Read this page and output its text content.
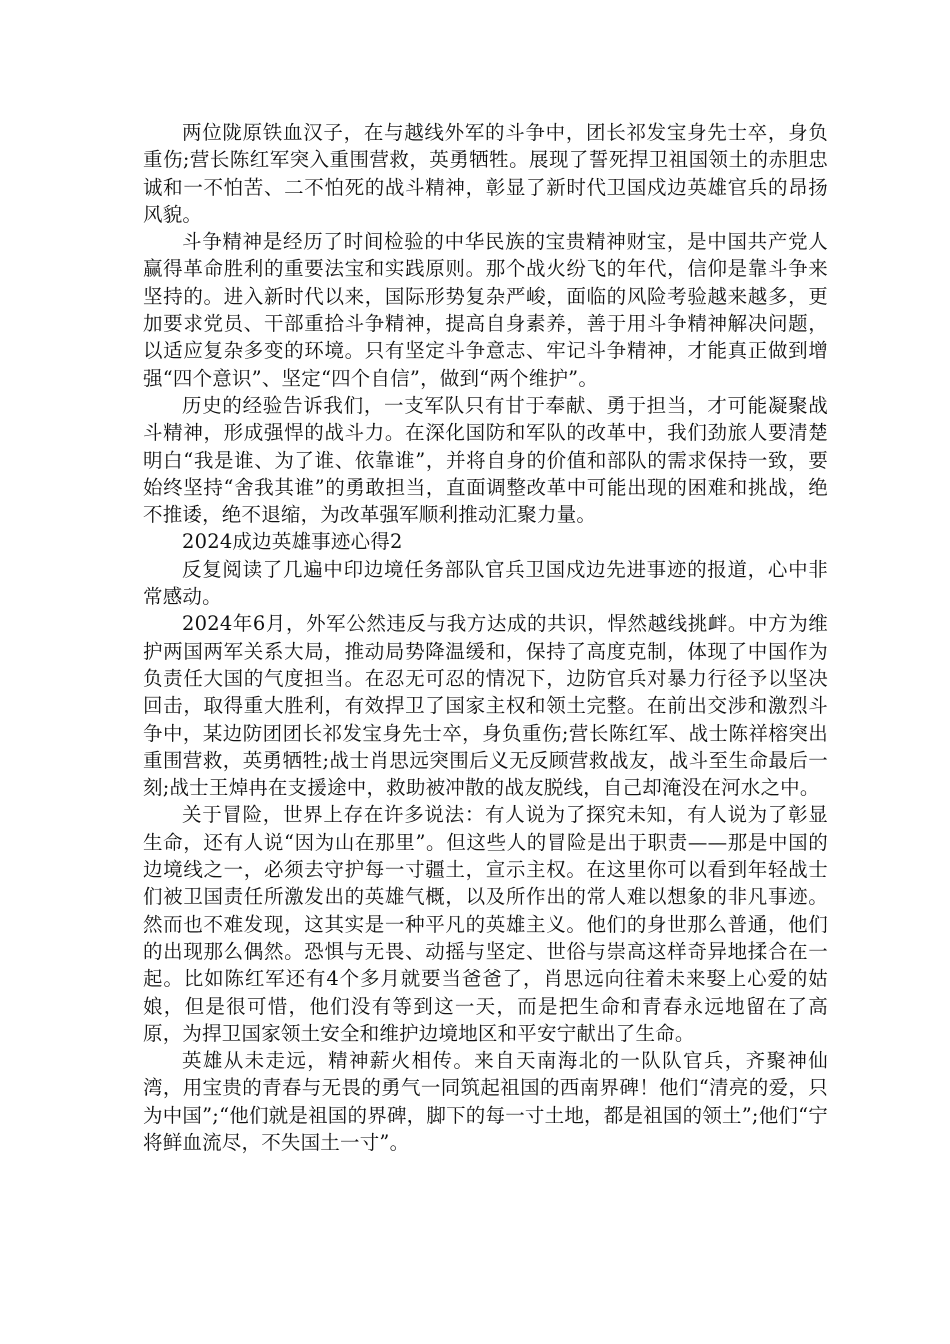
两位陇原铁血汉子，在与越线外军的斗争中，团长祁发宝身先士卒，身负重伤;营长陈红军突入重围营救，英勇牺牲。展现了誓死捍卫祖国领土的赤胆忠诚和一不怕苦、二不怕死的战斗精神，彰显了新时代卫国戍边英雄官兵的昂扬风貌。

斗争精神是经历了时间检验的中华民族的宝贵精神财宝，是中国共产党人赢得革命胜利的重要法宝和实践原则。那个战火纷飞的年代，信仰是靠斗争来坚持的。进入新时代以来，国际形势复杂严峻，面临的风险考验越来越多，更加要求党员、干部重拾斗争精神，提高自身素养，善于用斗争精神解决问题，以适应复杂多变的环境。只有坚定斗争意志、牢记斗争精神，才能真正做到增强“四个意识”、坚定“四个自信”，做到“两个维护”。

历史的经验告诉我们，一支军队只有甘于奉献、勇于担当，才可能凝聚战斗精神，形成强悍的战斗力。在深化国防和军队的改革中，我们劲旅人要清楚明白“我是谁、为了谁、依靠谁”，并将自身的价值和部队的需求保持一致，要始终坚持“舍我其谁”的勇敢担当，直面调整改革中可能出现的困难和挑战，绝不推诿，绝不退缩，为改革强军顺利推动汇聚力量。

2024成边英雄事迹心得2

反复阅读了几遍中印边境任务部队官兵卫国戍边先进事迹的报道，心中非常感动。

2024年6月，外军公然违反与我方达成的共识，悍然越线挑衅。中方为维护两国两军关系大局，推动局势降温缓和，保持了高度克制，体现了中国作为负责任大国的气度担当。在忍无可忍的情况下，边防官兵对暴力行径予以坚决回击，取得重大胜利，有效捍卫了国家主权和领土完整。在前出交涉和激烈斗争中，某边防团团长祁发宝身先士卒，身负重伤;营长陈红军、战士陈祥榕突出重围营救，英勇牺牲;战士肖思远突围后义无反顾营救战友，战斗至生命最后一刻;战士王焯冉在支援途中，救助被冲散的战友脱线，自己却淹没在河水之中。

关于冒险，世界上存在许多说法：有人说为了探究未知，有人说为了彰显生命，还有人说“因为山在那里”。但这些人的冒险是出于职责——那是中国的边境线之一，必须去守护每一寸疆土，宣示主权。在这里你可以看到年轻战士们被卫国责任所激发出的英雄气概，以及所作出的常人难以想象的非凡事迹。然而也不难发现，这其实是一种平凡的英雄主义。他们的身世那么普通，他们的出现那么偶然。恐惧与无畏、动摇与坚定、世俗与崇高这样奇异地揉合在一起。比如陈红军还有4个多月就要当爸爸了，肖思远向往着未来娶上心爱的姑娘，但是很可惜，他们没有等到这一天，而是把生命和青春永远地留在了高原，为捍卫国家领土安全和维护边境地区和平安宁献出了生命。

英雄从未走远，精神薪火相传。来自天南海北的一队队官兵，齐聚神仙湾，用宝贵的青春与无畏的勇气一同筑起祖国的西南界碑！他们“清亮的爱，只为中国”;“他们就是祖国的界碑，脚下的每一寸土地，都是祖国的领土”;他们“宁将鲜血流尽，不失国土一寸”。
